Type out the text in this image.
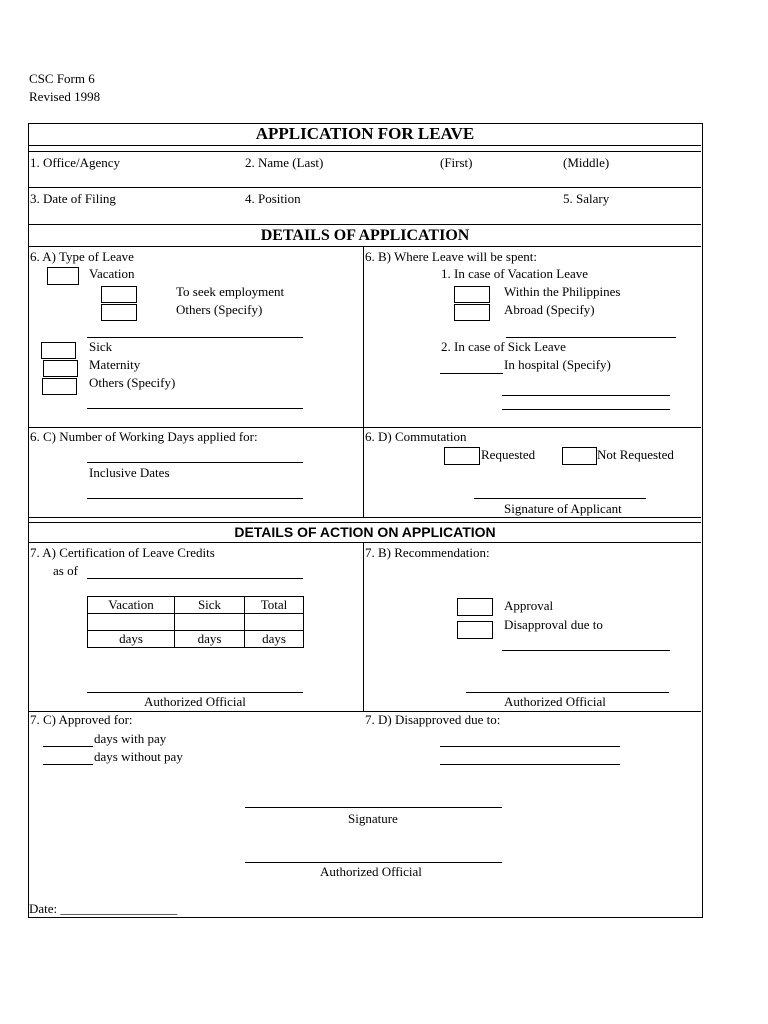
CSC Form 6
Revised 1998
APPLICATION FOR LEAVE
1. Office/Agency	2. Name (Last)	(First)	(Middle)
3. Date of Filing	4. Position	5. Salary
DETAILS OF APPLICATION
6. A) Type of Leave
Vacation
To seek employment
Others (Specify)
Sick
Maternity
Others (Specify)
6. B) Where Leave will be spent:
1. In case of Vacation Leave
Within the Philippines
Abroad (Specify)
2. In case of Sick Leave
In hospital (Specify)
6. C) Number of Working Days applied for:
Inclusive Dates
6. D) Commutation
Requested	Not Requested
Signature of Applicant
DETAILS OF ACTION ON APPLICATION
7. A) Certification of Leave Credits
as of
Vacation	Sick	Total

days	days	days
Authorized Official
7. B) Recommendation:
Approval
Disapproval due to
Authorized Official
7. C) Approved for:
days with pay
days without pay
7. D) Disapproved due to:
Signature
Authorized Official
Date: __________________
